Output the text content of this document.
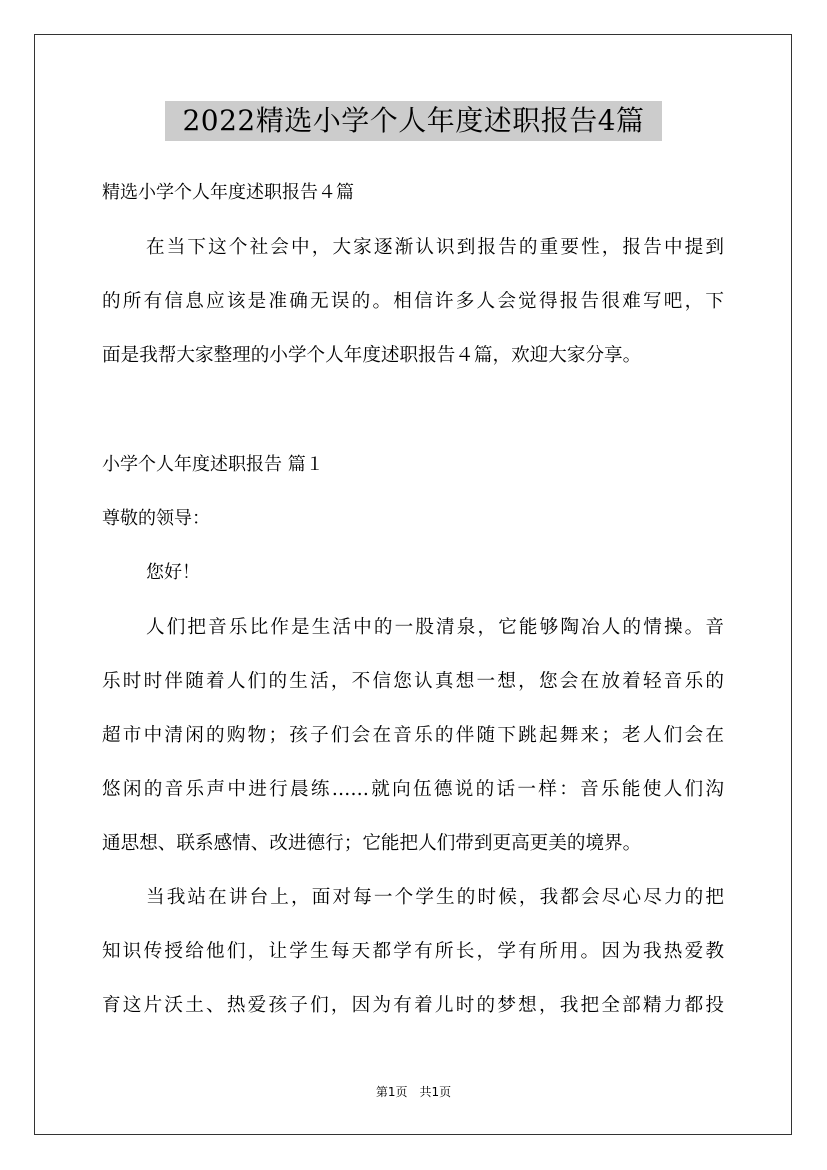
2022精选小学个人年度述职报告4篇
精选小学个人年度述职报告４篇
在当下这个社会中，大家逐渐认识到报告的重要性，报告中提到
的所有信息应该是准确无误的。相信许多人会觉得报告很难写吧，下
面是我帮大家整理的小学个人年度述职报告４篇，欢迎大家分享。
小学个人年度述职报告 篇１
尊敬的领导：
您好！
人们把音乐比作是生活中的一股清泉，它能够陶冶人的情操。音
乐时时伴随着人们的生活，不信您认真想一想，您会在放着轻音乐的
超市中清闲的购物；孩子们会在音乐的伴随下跳起舞来；老人们会在
悠闲的音乐声中进行晨练……就向伍德说的话一样：音乐能使人们沟
通思想、联系感情、改进德行；它能把人们带到更高更美的境界。
当我站在讲台上，面对每一个学生的时候，我都会尽心尽力的把
知识传授给他们，让学生每天都学有所长，学有所用。因为我热爱教
育这片沃土、热爱孩子们，因为有着儿时的梦想，我把全部精力都投
第1页　共1页
